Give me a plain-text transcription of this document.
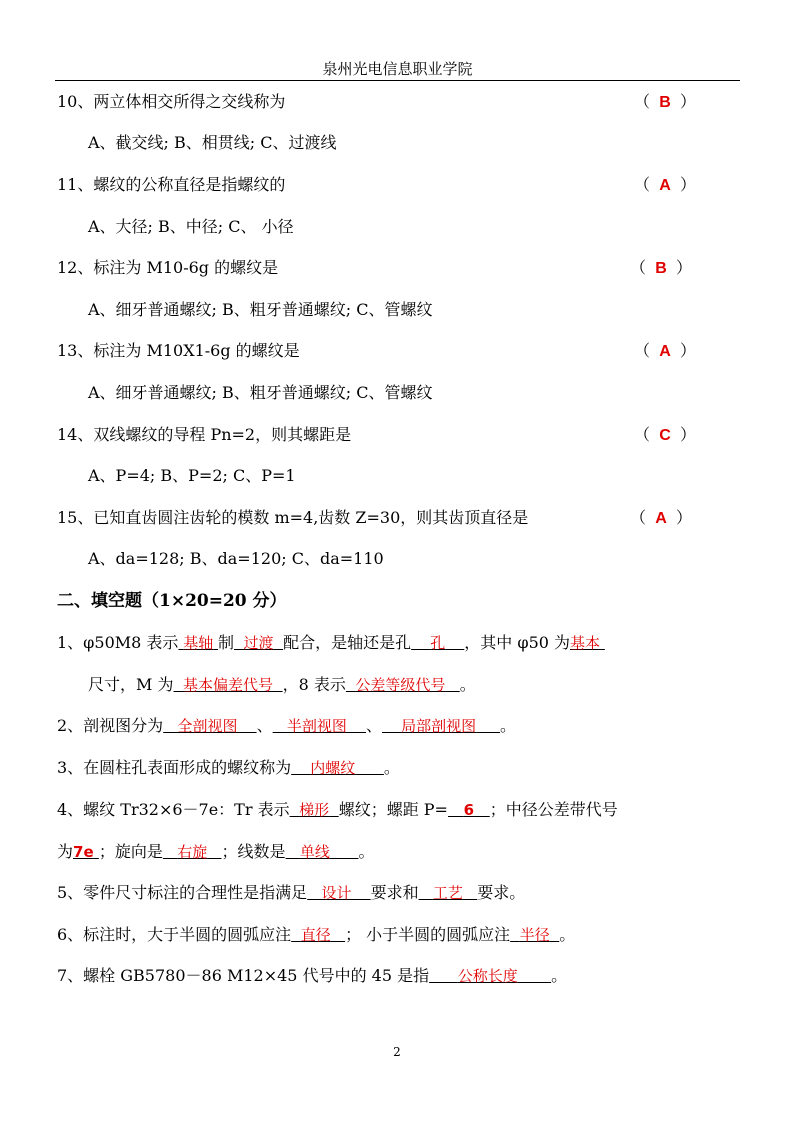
泉州光电信息职业学院
10、两立体相交所得之交线称为	（ B ）
A、截交线; B、相贯线; C、过渡线
11、螺纹的公称直径是指螺纹的	（ A ）
A、大径; B、中径; C、 小径
12、标注为 M10-6g 的螺纹是	（ B ）
A、细牙普通螺纹; B、粗牙普通螺纹; C、管螺纹
13、标注为 M10X1-6g 的螺纹是	（ A ）
A、细牙普通螺纹; B、粗牙普通螺纹; C、管螺纹
14、双线螺纹的导程 Pn=2，则其螺距是	（ C ）
A、P=4; B、P=2; C、P=1
15、已知直齿圆注齿轮的模数 m=4,齿数 Z=30，则其齿顶直径是	（ A ）
A、da=128; B、da=120; C、da=110
二、填空题（1×20=20 分）
1、φ50M8 表示 基轴 制 过渡 配合，是轴还是孔 孔 ，其中 φ50 为基本
尺寸，M 为 基本偏差代号 ，8 表示 公差等级代号 。
2、剖视图分为 全剖视图 、 半剖视图 、 局部剖视图 。
3、在圆柱孔表面形成的螺纹称为 内螺纹 。
4、螺纹 Tr32×6－7e：Tr 表示 梯形 螺纹；螺距 P= 6 ；中径公差带代号
为7e ；旋向是 右旋 ；线数是 单线 。
5、零件尺寸标注的合理性是指满足 设计 要求和 工艺 要求。
6、标注时，大于半圆的圆弧应注 直径 ； 小于半圆的圆弧应注 半径 。
7、螺栓 GB5780－86 M12×45 代号中的 45 是指 公称长度 。
2
